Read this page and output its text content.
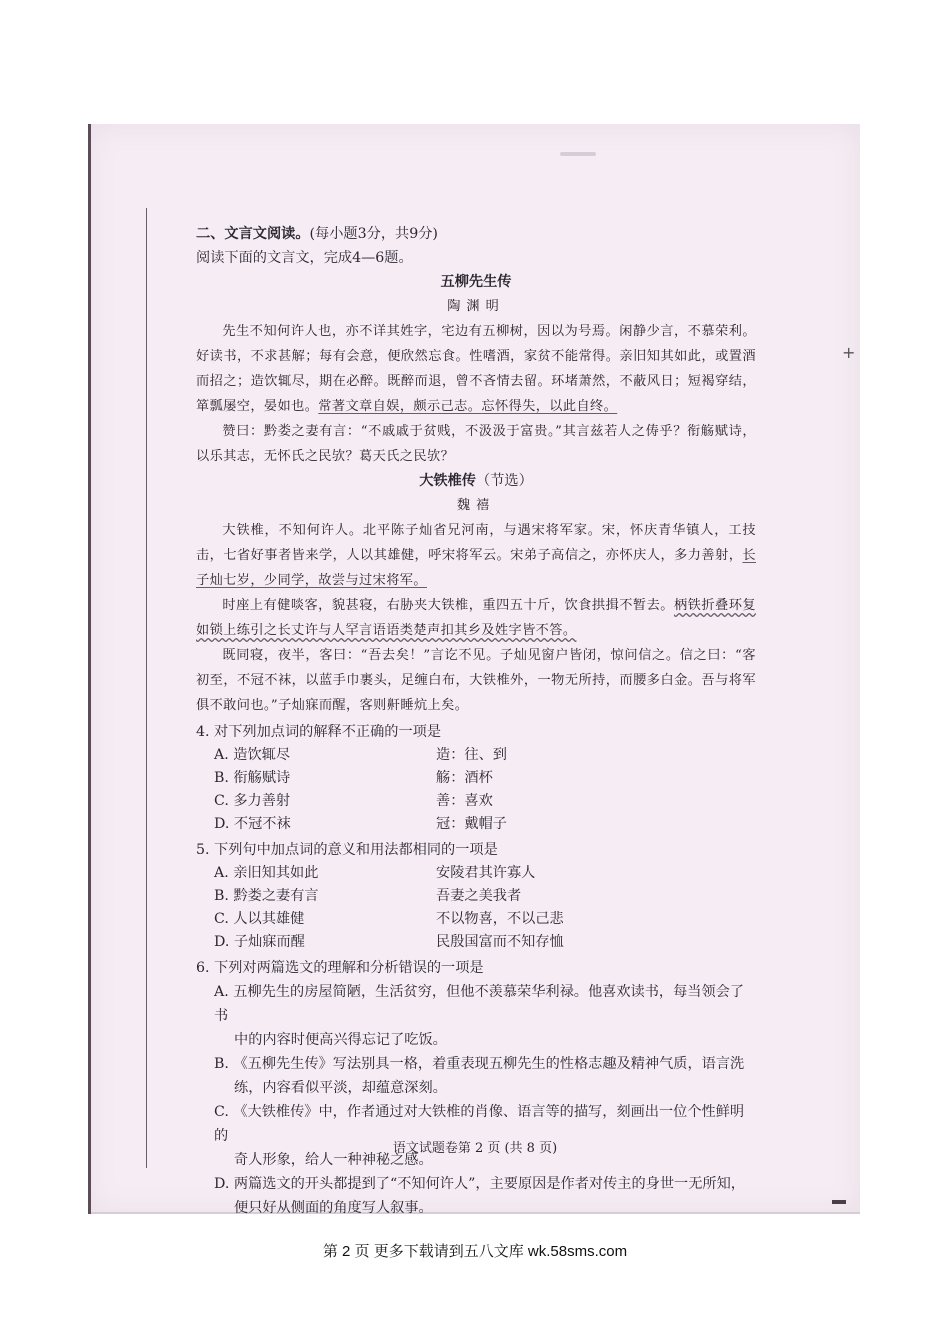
+
二、文言文阅读。(每小题3分，共9分)
阅读下面的文言文，完成4—6题。
五柳先生传
陶渊明
先生不知何许人也，亦不详其姓字，宅边有五柳树，因以为号焉。闲静少言，不慕荣利。好读书，不求甚解；每有会意，便欣然忘食。性嗜酒，家贫不能常得。亲旧知其如此，或置酒而招之；造饮辄尽，期在必醉。既醉而退，曾不吝情去留。环堵萧然，不蔽风日；短褐穿结，箪瓢屡空，晏如也。常著文章自娱，颇示己志。忘怀得失，以此自终。
赞曰：黔娄之妻有言：“不戚戚于贫贱，不汲汲于富贵。”其言兹若人之俦乎？衔觞赋诗，以乐其志，无怀氏之民欤？葛天氏之民欤？
大铁椎传（节选）
魏禧
大铁椎，不知何许人。北平陈子灿省兄河南，与遇宋将军家。宋，怀庆青华镇人，工技击，七省好事者皆来学，人以其雄健，呼宋将军云。宋弟子高信之，亦怀庆人，多力善射，长子灿七岁，少同学，故尝与过宋将军。
时座上有健啖客，貌甚寝，右胁夹大铁椎，重四五十斤，饮食拱揖不暂去。柄铁折叠环复如锁上练引之长丈许与人罕言语语类楚声扣其乡及姓字皆不答。
既同寝，夜半，客曰：“吾去矣！”言讫不见。子灿见窗户皆闭，惊问信之。信之曰：“客初至，不冠不袜，以蓝手巾裹头，足缠白布，大铁椎外，一物无所持，而腰多白金。吾与将军俱不敢问也。”子灿寐而醒，客则鼾睡炕上矣。
4. 对下列加点词的解释不正确的一项是
A. 造饮辄尽	造：往、到
B. 衔觞赋诗	觞：酒杯
C. 多力善射	善：喜欢
D. 不冠不袜	冠：戴帽子
5. 下列句中加点词的意义和用法都相同的一项是
A. 亲旧知其如此	安陵君其许寡人
B. 黔娄之妻有言	吾妻之美我者
C. 人以其雄健	不以物喜，不以己悲
D. 子灿寐而醒	民殷国富而不知存恤
6. 下列对两篇选文的理解和分析错误的一项是
A. 五柳先生的房屋简陋，生活贫穷，但他不羡慕荣华利禄。他喜欢读书，每当领会了书
中的内容时便高兴得忘记了吃饭。
B. 《五柳先生传》写法别具一格，着重表现五柳先生的性格志趣及精神气质，语言洗
练，内容看似平淡，却蕴意深刻。
C. 《大铁椎传》中，作者通过对大铁椎的肖像、语言等的描写，刻画出一位个性鲜明的
奇人形象，给人一种神秘之感。
D. 两篇选文的开头都提到了“不知何许人”，主要原因是作者对传主的身世一无所知，
便只好从侧面的角度写人叙事。
语文试题卷第 2 页 (共 8 页)
第 2 页 更多下载请到五八文库 wk.58sms.com
